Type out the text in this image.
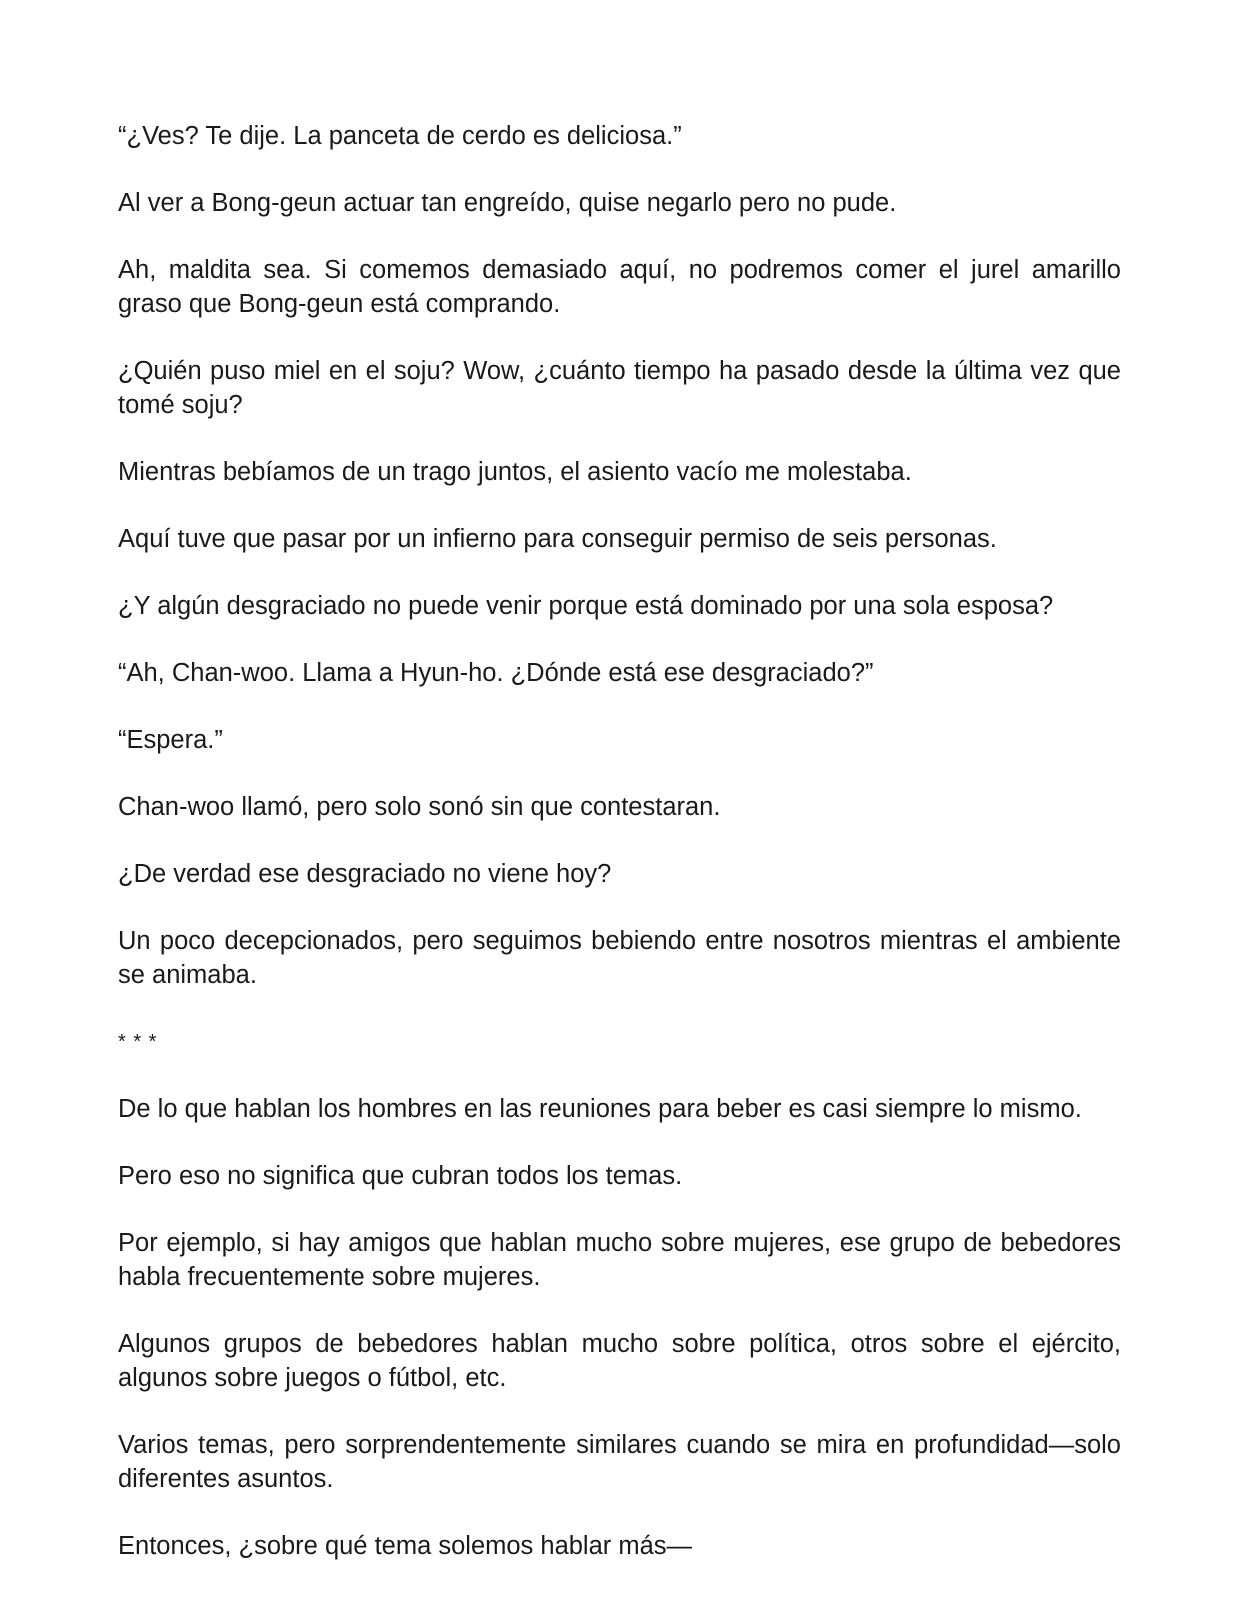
“¿Ves? Te dije. La panceta de cerdo es deliciosa.”

Al ver a Bong-geun actuar tan engreído, quise negarlo pero no pude.

Ah, maldita sea. Si comemos demasiado aquí, no podremos comer el jurel amarillo graso que Bong-geun está comprando.

¿Quién puso miel en el soju? Wow, ¿cuánto tiempo ha pasado desde la última vez que tomé soju?

Mientras bebíamos de un trago juntos, el asiento vacío me molestaba.

Aquí tuve que pasar por un infierno para conseguir permiso de seis personas.

¿Y algún desgraciado no puede venir porque está dominado por una sola esposa?

“Ah, Chan-woo. Llama a Hyun-ho. ¿Dónde está ese desgraciado?”

“Espera.”

Chan-woo llamó, pero solo sonó sin que contestaran.

¿De verdad ese desgraciado no viene hoy?

Un poco decepcionados, pero seguimos bebiendo entre nosotros mientras el ambiente se animaba.

* * *

De lo que hablan los hombres en las reuniones para beber es casi siempre lo mismo.

Pero eso no significa que cubran todos los temas.

Por ejemplo, si hay amigos que hablan mucho sobre mujeres, ese grupo de bebedores habla frecuentemente sobre mujeres.

Algunos grupos de bebedores hablan mucho sobre política, otros sobre el ejército, algunos sobre juegos o fútbol, etc.

Varios temas, pero sorprendentemente similares cuando se mira en profundidad—solo diferentes asuntos.

Entonces, ¿sobre qué tema solemos hablar más—
